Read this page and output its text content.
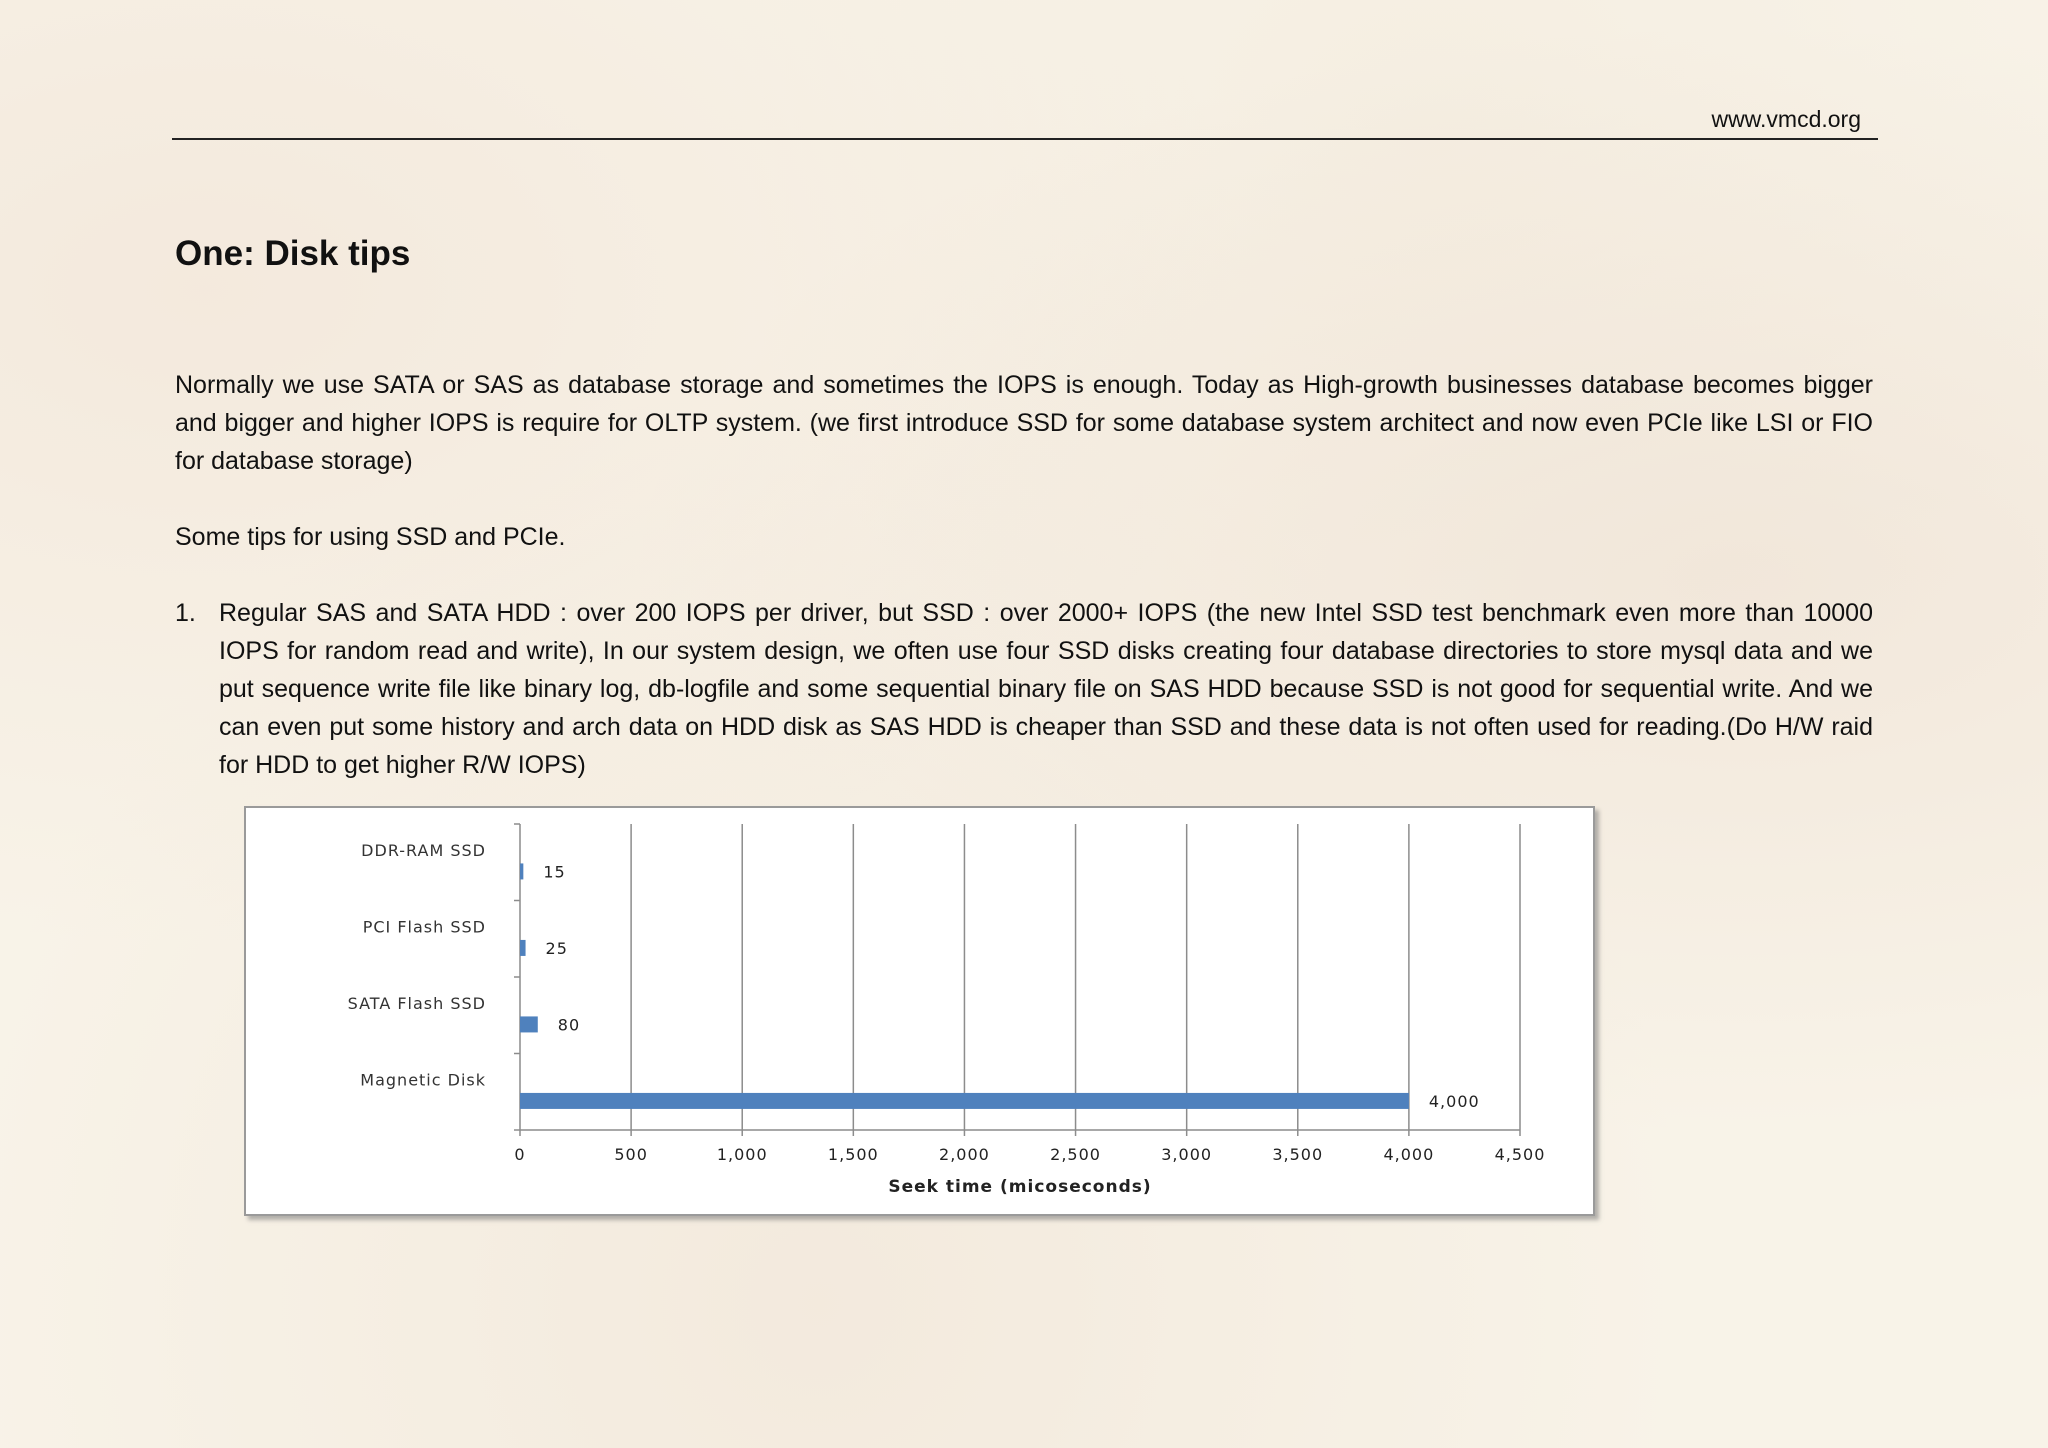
www.vmcd.org
One: Disk tips

Normally we use SATA or SAS as database storage and sometimes the IOPS is enough. Today as High-growth businesses database becomes bigger and bigger and higher IOPS is require for OLTP system. (we first introduce SSD for some database system architect and now even PCIe like LSI or FIO for database storage)

Some tips for using SSD and PCIe.

1. Regular SAS and SATA HDD : over 200 IOPS per driver, but SSD : over 2000+ IOPS (the new Intel SSD test benchmark even more than 10000 IOPS for random read and write), In our system design, we often use four SSD disks creating four database directories to store mysql data and we put sequence write file like binary log, db-logfile and some sequential binary file on SAS HDD because SSD is not good for sequential write. And we can even put some history and arch data on HDD disk as SAS HDD is cheaper than SSD and these data is not often used for reading.(Do H/W raid for HDD to get higher R/W IOPS)
0	500	1,000	1,500	2,000	2,500	3,000	3,500	4,000	4,500
DDR-RAM SSD
15
PCI Flash SSD
25
SATA Flash SSD
80
Magnetic Disk
4,000
Seek time (micoseconds)
